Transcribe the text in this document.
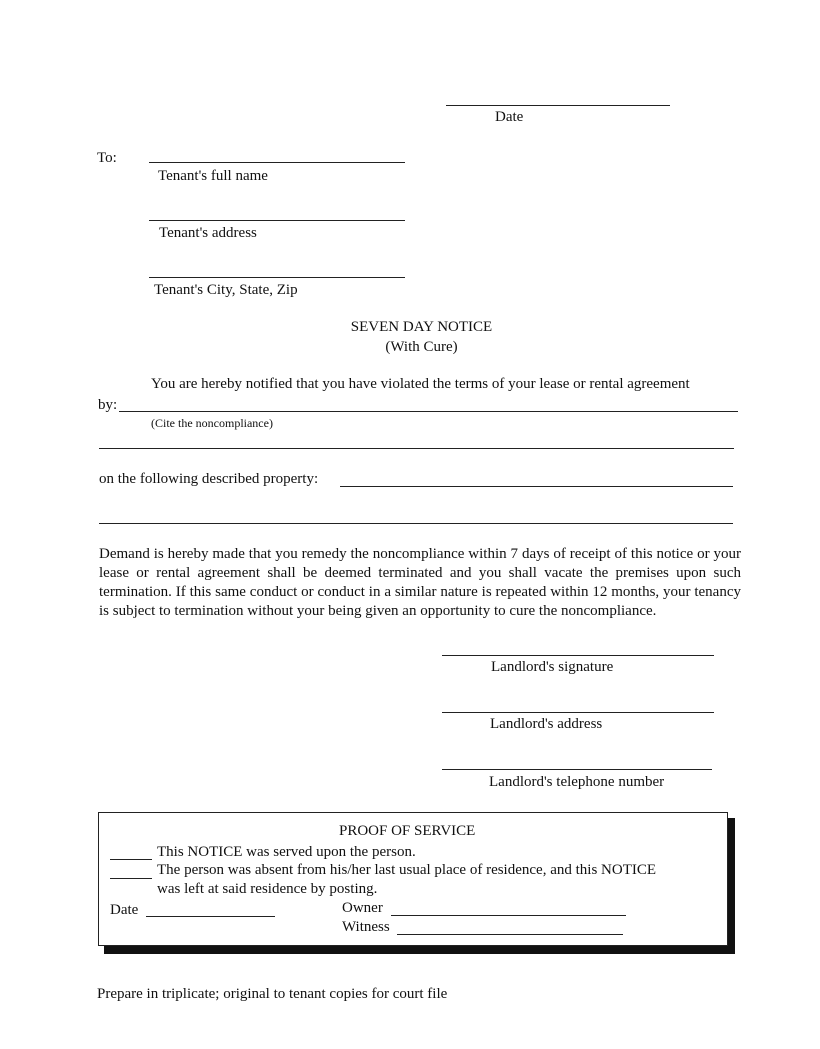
Date
To:
Tenant's full name
Tenant's address
Tenant's City, State, Zip
SEVEN DAY NOTICE
(With Cure)
You are hereby notified that you have violated the terms of your lease or rental agreement
by:
(Cite the noncompliance)
on the following described property:
Demand is hereby made that you remedy the noncompliance within 7 days of receipt of this notice or your lease or rental agreement shall be deemed terminated and you shall vacate the premises upon such termination. If this same conduct or conduct in a similar nature is repeated within 12 months, your tenancy is subject to termination without your being given an opportunity to cure the noncompliance.
Landlord's signature
Landlord's address
Landlord's telephone number
PROOF OF SERVICE
This NOTICE was served upon the person.
The person was absent from his/her last usual place of residence, and this NOTICE
was left at said residence by posting.
Date	Owner
Witness
Prepare in triplicate; original to tenant copies for court file
